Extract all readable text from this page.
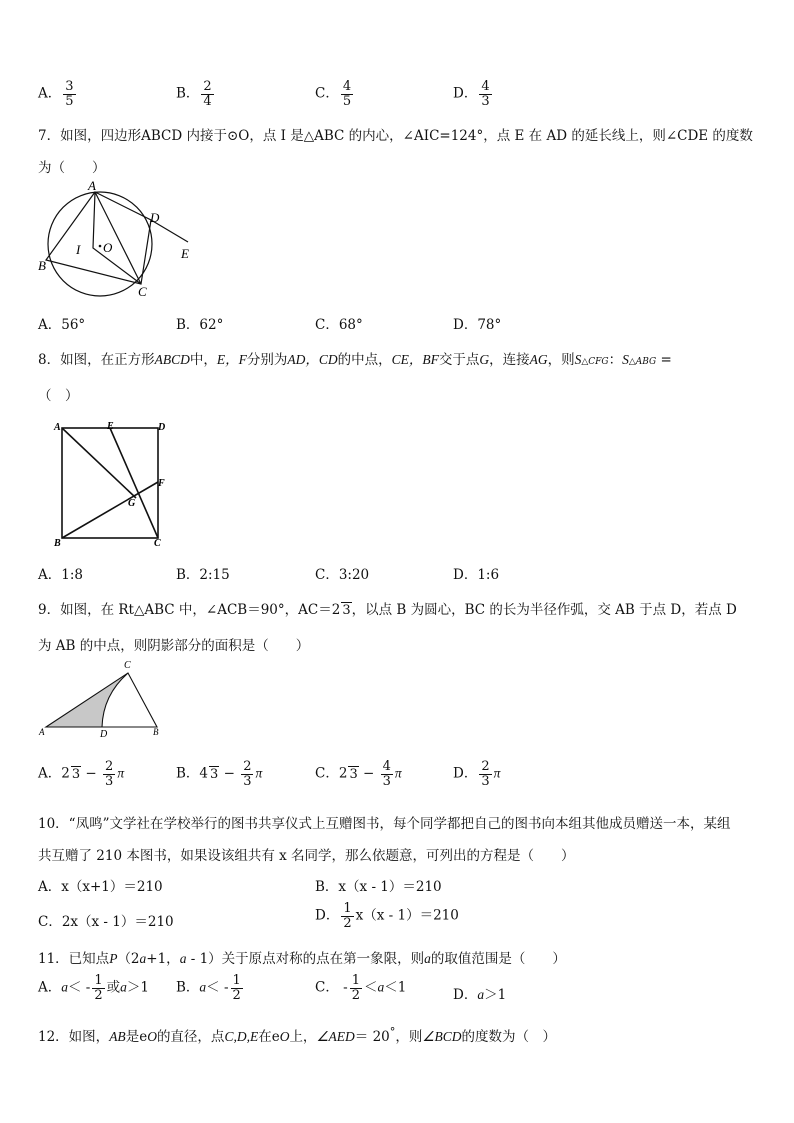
A． $\frac{3}{5}$	B． $\frac{2}{4}$	C． $\frac{4}{5}$	D． $\frac{4}{3}$
7．如图，四边形ABCD 内接于⊙O，点 I 是△ABC 的内心，∠AIC=124°，点 E 在 AD 的延长线上，则∠CDE 的度数
为（　　）
A
B
C
D
E
I O
A．56°	B．62°	C．68°	D．78°
8．如图，在正方形ABCD中，E，F分别为AD，CD的中点，CE，BF交于点G，连接AG，则S△CFG：S△ABG =
（　）
A	E	D
F
G
B	C
A．1:8	B．2:15	C．3:20	D．1:6
9．如图，在 Rt△ABC 中，∠ACB＝90°，AC＝2 3，以点 B 为圆心，BC 的长为半径作弧，交 AB 于点 D，若点 D
为 AB 的中点，则阴影部分的面积是（　　）
C
A	D	B
A．2 $3 - \frac{2}{3}$ π	B．4 $3 - \frac{2}{3}$ π	C．2 $3 - \frac{4}{3}$ π	D． $\frac{2}{3}$ π
10．“凤鸣”文学社在学校举行的图书共享仪式上互赠图书，每个同学都把自己的图书向本组其他成员赠送一本，某组
共互赠了 210 本图书，如果设该组共有 x 名同学，那么依题意，可列出的方程是（　　）
A．x（x+1）＝210	B．x（x - 1）＝210
C．2x（x - 1）＝210	D． $\frac{1}{2} x(x - 1)=210$
11．已知点P（2a+1，a - 1）关于原点对称的点在第一象限，则a的取值范围是（　　）
A．$a< - \frac{1}{2}$ 或a＞1 B．$a< - \frac{1}{2}$	C． - $\frac{1}{2} <a<1$	D．a＞1
12．如图，AB是eO的直径，点C,D,E在eO上，∠AED＝ 20°，则∠BCD的度数为（　）
